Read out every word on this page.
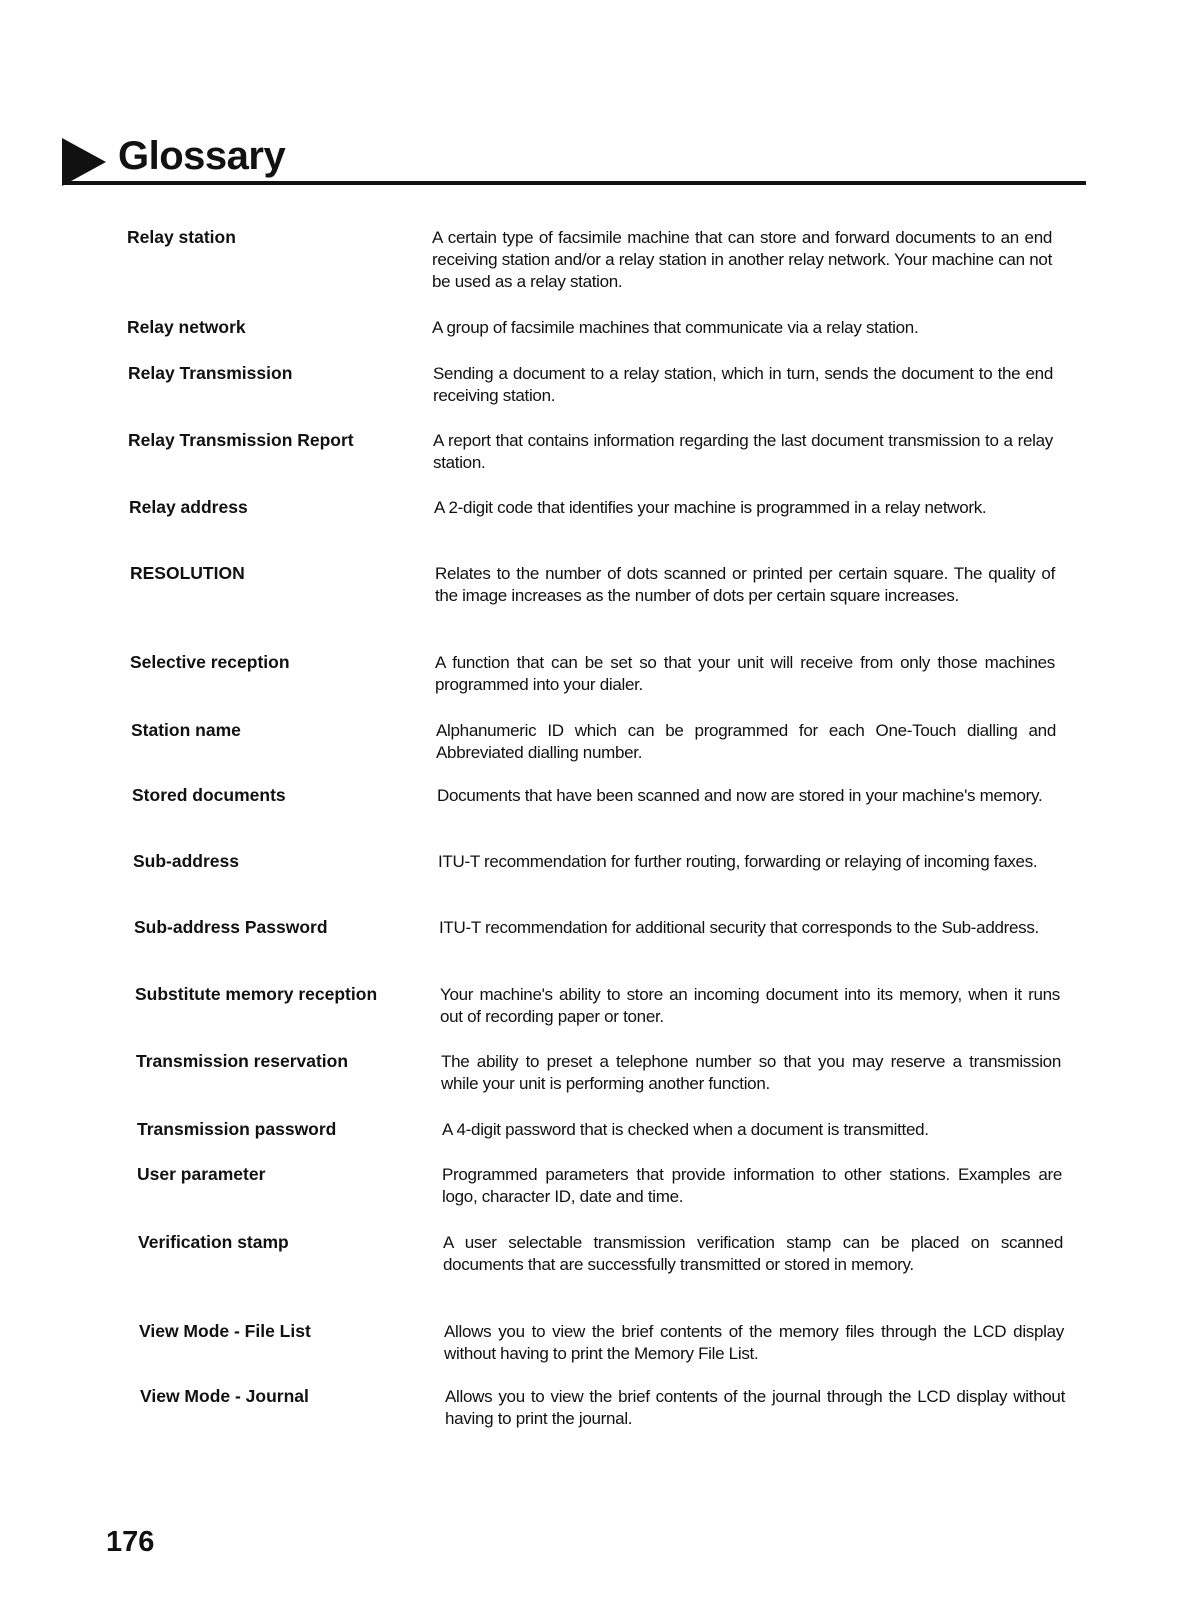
Glossary
Relay station	A certain type of facsimile machine that can store and forward documents to an end receiving station and/or a relay station in another relay network. Your machine can not be used as a relay station.
Relay network	A group of facsimile machines that communicate via a relay station.
Relay Transmission	Sending a document to a relay station, which in turn, sends the document to the end receiving station.
Relay Transmission Report	A report that contains information regarding the last document transmission to a relay station.
Relay address	A 2-digit code that identifies your machine is programmed in a relay network.
RESOLUTION	Relates to the number of dots scanned or printed per certain square. The quality of the image increases as the number of dots per certain square increases.
Selective reception	A function that can be set so that your unit will receive from only those machines programmed into your dialer.
Station name	Alphanumeric ID which can be programmed for each One-Touch dialling and Abbreviated dialling number.
Stored documents	Documents that have been scanned and now are stored in your machine's memory.
Sub-address	ITU-T recommendation for further routing, forwarding or relaying of incoming faxes.
Sub-address Password	ITU-T recommendation for additional security that corresponds to the Sub-address.
Substitute memory reception	Your machine's ability to store an incoming document into its memory, when it runs out of recording paper or toner.
Transmission reservation	The ability to preset a telephone number so that you may reserve a transmission while your unit is performing another function.
Transmission password	A 4-digit password that is checked when a document is transmitted.
User parameter	Programmed parameters that provide information to other stations. Examples are logo, character ID, date and time.
Verification stamp	A user selectable transmission verification stamp can be placed on scanned documents that are successfully transmitted or stored in memory.
View Mode - File List	Allows you to view the brief contents of the memory files through the LCD display without having to print the Memory File List.
View Mode - Journal	Allows you to view the brief contents of the journal through the LCD display without having to print the journal.
176
